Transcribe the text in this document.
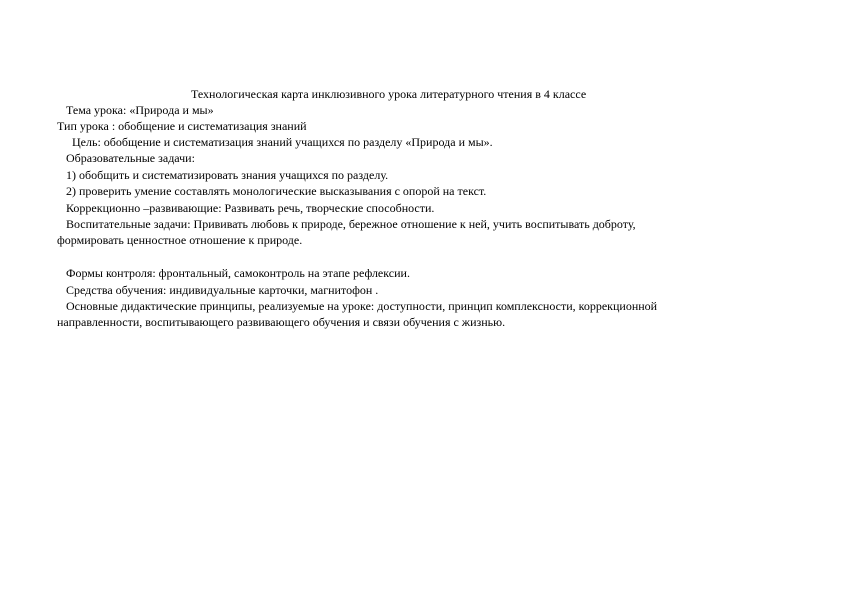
Технологическая карта инклюзивного урока литературного чтения в 4 классе
Тема урока: «Природа и мы»
Тип урока : обобщение и систематизация знаний
Цель: обобщение и систематизация знаний учащихся по разделу «Природа и мы».
Образовательные задачи:
1) обобщить и систематизировать знания учащихся по разделу.
2) проверить умение составлять монологические высказывания с опорой на текст.
Коррекционно –развивающие: Развивать речь, творческие способности.
Воспитательные задачи: Прививать любовь к природе, бережное отношение к ней, учить воспитывать доброту,
формировать ценностное отношение к природе.
Формы контроля: фронтальный, самоконтроль на этапе рефлексии.
Средства обучения: индивидуальные карточки, магнитофон .
Основные дидактические принципы, реализуемые на уроке: доступности, принцип комплексности, коррекционной
направленности, воспитывающего развивающего обучения и связи обучения с жизнью.
